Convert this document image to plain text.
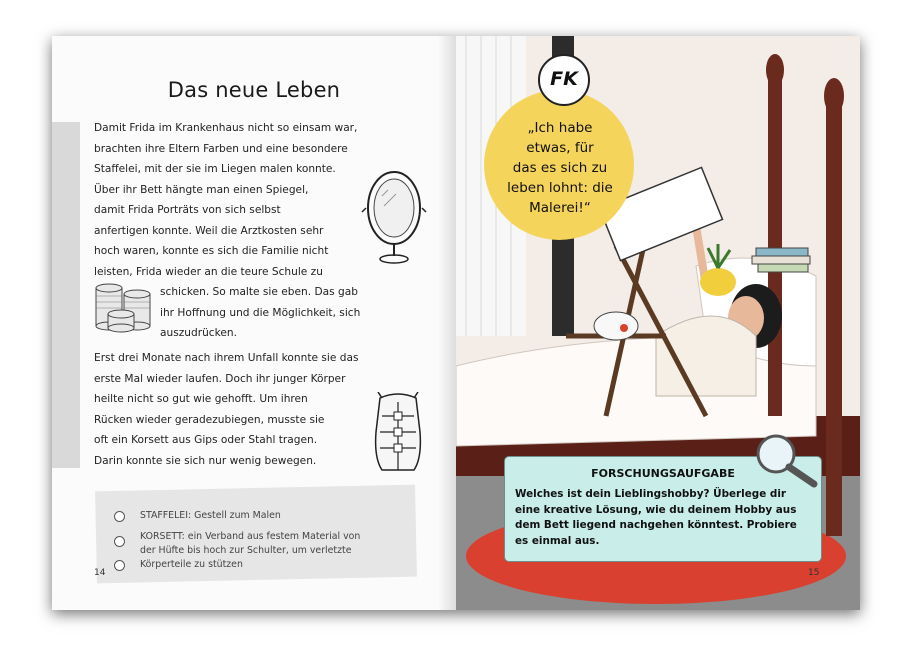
Das neue Leben
Damit Frida im Krankenhaus nicht so einsam war,
brachten ihre Eltern Farben und eine besondere
Staffelei, mit der sie im Liegen malen konnte.
Über ihr Bett hängte man einen Spiegel,
damit Frida Porträts von sich selbst
anfertigen konnte. Weil die Arztkosten sehr
hoch waren, konnte es sich die Familie nicht
leisten, Frida wieder an die teure Schule zu
schicken. So malte sie eben. Das gab
ihr Hoffnung und die Möglichkeit, sich
auszudrücken.
Erst drei Monate nach ihrem Unfall konnte sie das
erste Mal wieder laufen. Doch ihr junger Körper
heilte nicht so gut wie gehofft. Um ihren
Rücken wieder geradezubiegen, musste sie
oft ein Korsett aus Gips oder Stahl tragen.
Darin konnte sie sich nur wenig bewegen.
STAFFELEI: Gestell zum Malen
KORSETT: ein Verband aus festem Material von
der Hüfte bis hoch zur Schulter, um verletzte
Körperteile zu stützen
14
FK
„Ich habe
etwas, für
das es sich zu
leben lohnt: die
Malerei!“
FORSCHUNGSAUFGABE
Welches ist dein Lieblingshobby? Überlege dir
eine kreative Lösung, wie du deinem Hobby aus
dem Bett liegend nachgehen könntest. Probiere
es einmal aus.
15
